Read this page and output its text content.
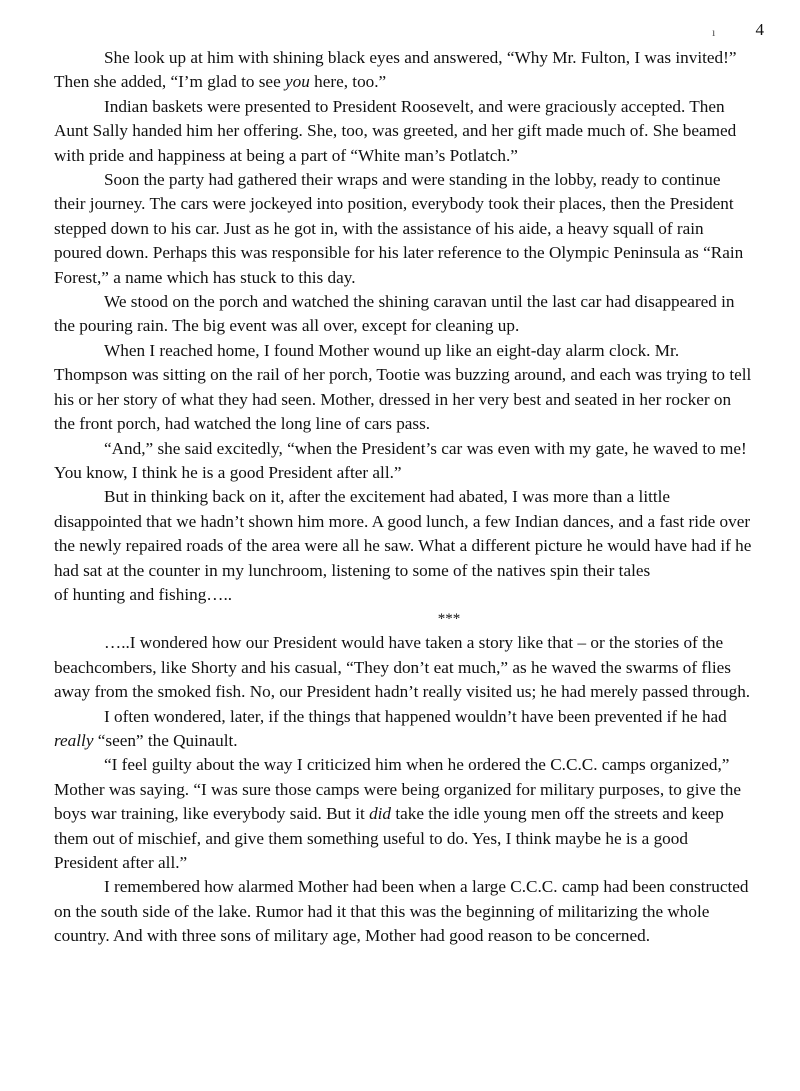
ı 4

She look up at him with shining black eyes and answered, “Why Mr. Fulton, I was invited!” Then she added, “I’m glad to see you here, too.”

Indian baskets were presented to President Roosevelt, and were graciously accepted. Then Aunt Sally handed him her offering. She, too, was greeted, and her gift made much of. She beamed with pride and happiness at being a part of “White man’s Potlatch.”

Soon the party had gathered their wraps and were standing in the lobby, ready to continue their journey. The cars were jockeyed into position, everybody took their places, then the President stepped down to his car. Just as he got in, with the assistance of his aide, a heavy squall of rain poured down. Perhaps this was responsible for his later reference to the Olympic Peninsula as “Rain Forest,” a name which has stuck to this day.

We stood on the porch and watched the shining caravan until the last car had disappeared in the pouring rain. The big event was all over, except for cleaning up.

When I reached home, I found Mother wound up like an eight-day alarm clock. Mr. Thompson was sitting on the rail of her porch, Tootie was buzzing around, and each was trying to tell his or her story of what they had seen. Mother, dressed in her very best and seated in her rocker on the front porch, had watched the long line of cars pass.

“And,” she said excitedly, “when the President’s car was even with my gate, he waved to me! You know, I think he is a good President after all.”

But in thinking back on it, after the excitement had abated, I was more than a little disappointed that we hadn’t shown him more. A good lunch, a few Indian dances, and a fast ride over the newly repaired roads of the area were all he saw. What a different picture he would have had if he had sat at the counter in my lunchroom, listening to some of the natives spin their tales

of hunting and fishing…..

***

…..I wondered how our President would have taken a story like that – or the stories of the beachcombers, like Shorty and his casual, “They don’t eat much,” as he waved the swarms of flies away from the smoked fish. No, our President hadn’t really visited us; he had merely passed through.

I often wondered, later, if the things that happened wouldn’t have been prevented if he had really “seen” the Quinault.

“I feel guilty about the way I criticized him when he ordered the C.C.C. camps organized,” Mother was saying. “I was sure those camps were being organized for military purposes, to give the boys war training, like everybody said. But it did take the idle young men off the streets and keep them out of mischief, and give them something useful to do. Yes, I think maybe he is a good President after all.”

I remembered how alarmed Mother had been when a large C.C.C. camp had been constructed on the south side of the lake. Rumor had it that this was the beginning of militarizing the whole country. And with three sons of military age, Mother had good reason to be concerned.
